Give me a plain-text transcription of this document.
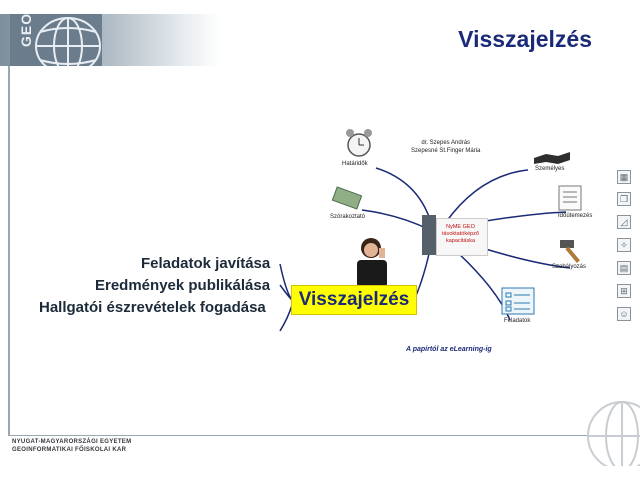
GEO	Visszajelzés
Feladatok javítása
Eredmények publikálása
Hallgatói észrevételek fogadása	Visszajelzés
dr. Szepes András
Szepesné St.Finger Mária
NyME GEO
távoktatóképző
kapacitáska
Határidők
Szórakoztató
Személyes
Időütemezés
Szabályozás
Feladatok
A papírtól az eLearning-ig
▦
❐
◿
✧
▤
⊞
☺
NYUGAT-MAGYARORSZÁGI EGYETEM
GEOINFORMATIKAI FŐISKOLAI KAR
